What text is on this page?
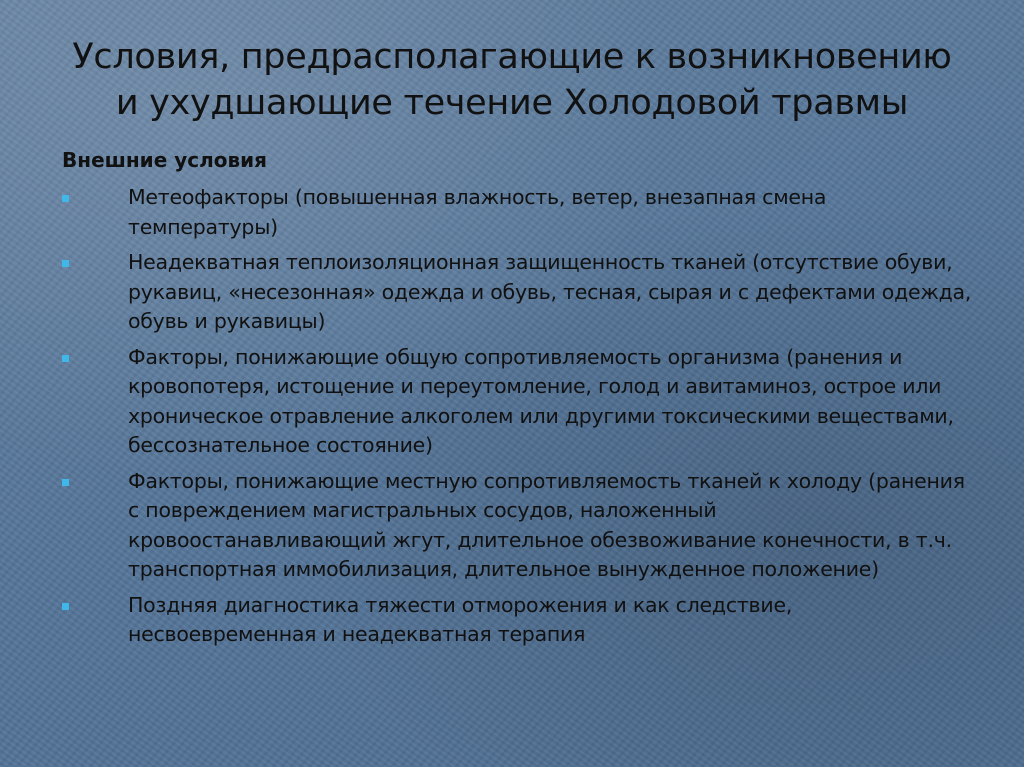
Условия, предрасполагающие к возникновению
и ухудшающие течение Холодовой травмы
Внешние условия
Метеофакторы (повышенная влажность, ветер, внезапная смена температуры)
Неадекватная теплоизоляционная защищенность тканей (отсутствие обуви, рукавиц, «несезонная» одежда и обувь, тесная, сырая и с дефектами одежда, обувь и рукавицы)
Факторы, понижающие общую сопротивляемость организма (ранения и кровопотеря, истощение и переутомление, голод и авитаминоз, острое или хроническое отравление алкоголем или другими токсическими веществами, бессознательное состояние)
Факторы, понижающие местную сопротивляемость тканей к холоду (ранения с повреждением магистральных сосудов, наложенный кровоостанавливающий жгут, длительное обезвоживание конечности, в т.ч. транспортная иммобилизация, длительное вынужденное положение)
Поздняя диагностика тяжести отморожения и как следствие, несвоевременная и неадекватная терапия
